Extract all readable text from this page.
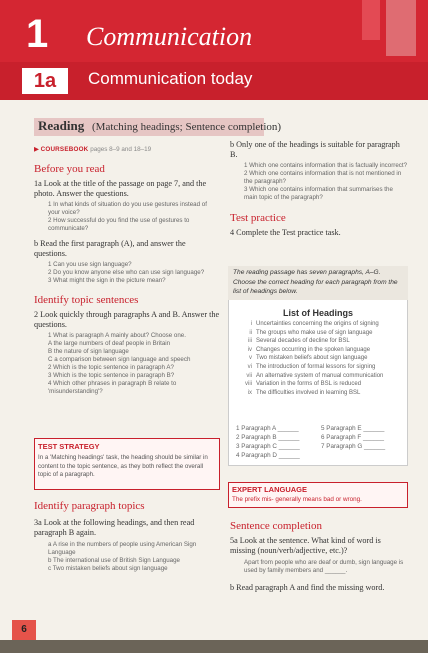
1	Communication
1a	Communication today
Reading (Matching headings; Sentence completion)
▶ COURSEBOOK pages 8–9 and 18–19
Before you read
1a Look at the title of the passage on page 7, and the photo. Answer the questions.
1 In what kinds of situation do you use gestures instead of your voice?
2 How successful do you find the use of gestures to communicate?
b Read the first paragraph (A), and answer the questions.
1 Can you use sign language?
2 Do you know anyone else who can use sign language?
3 What might the sign in the picture mean?
Identify topic sentences
2 Look quickly through paragraphs A and B. Answer the questions.
1 What is paragraph A mainly about? Choose one.
A the large numbers of deaf people in Britain
B the nature of sign language
C a comparison between sign language and speech
2 Which is the topic sentence in paragraph A?
3 Which is the topic sentence in paragraph B?
4 Which other phrases in paragraph B relate to 'misunderstanding'?
TEST STRATEGY
In a 'Matching headings' task, the heading should be similar in content to the topic sentence, as they both reflect the overall topic of a paragraph.
Identify paragraph topics
3a Look at the following headings, and then read paragraph B again.
a A rise in the numbers of people using American Sign Language
b The international use of British Sign Language
c Two mistaken beliefs about sign language
b Only one of the headings is suitable for paragraph B.
1 Which one contains information that is factually incorrect?
2 Which one contains information that is not mentioned in the paragraph?
3 Which one contains information that summarises the main topic of the paragraph?
Test practice
4 Complete the Test practice task.
The reading passage has seven paragraphs, A–G. Choose the correct heading for each paragraph from the list of headings below.
List of Headings
i Uncertainties concerning the origins of signing
ii The groups who make use of sign language
iii Several decades of decline for BSL
iv Changes occurring in the spoken language
v Two mistaken beliefs about sign language
vi The introduction of formal lessons for signing
vii An alternative system of manual communication
viii Variation in the forms of BSL is reduced
ix The difficulties involved in learning BSL
1 Paragraph A ______	5 Paragraph E ______
2 Paragraph B ______	6 Paragraph F ______
3 Paragraph C ______	7 Paragraph G ______
4 Paragraph D ______
EXPERT LANGUAGE
The prefix mis- generally means bad or wrong.
Sentence completion
5a Look at the sentence. What kind of word is missing (noun/verb/adjective, etc.)?
Apart from people who are deaf or dumb, sign language is used by family members and ______.
b Read paragraph A and find the missing word.
6
